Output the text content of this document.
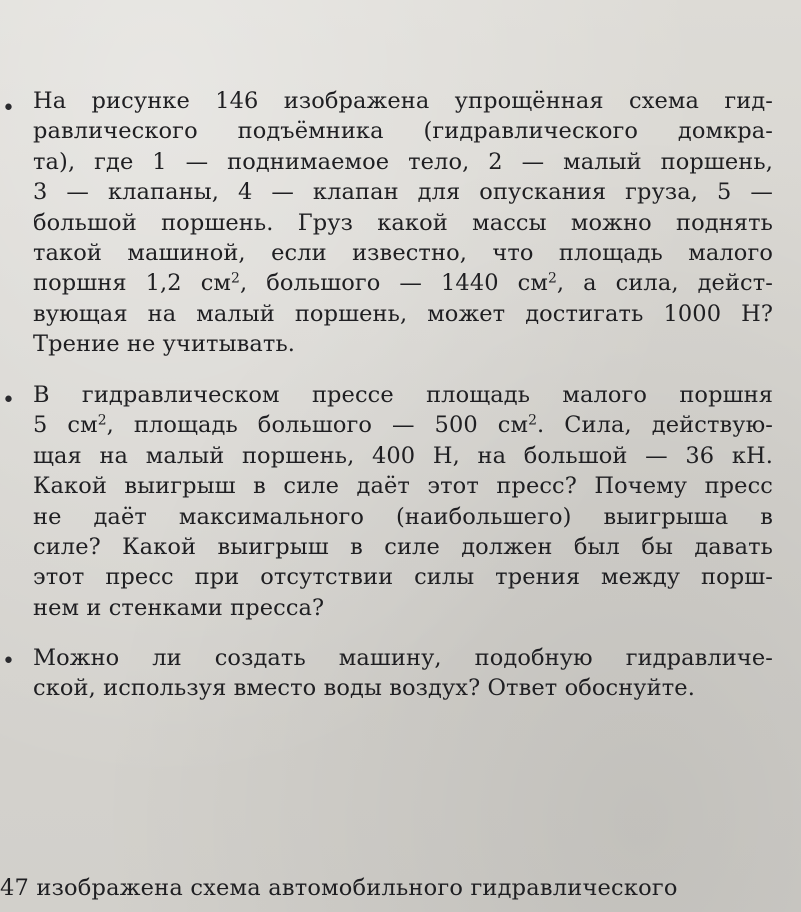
• На рисунке 146 изображена упрощённая схема гид-
равлического подъёмника (гидравлического домкра-
та), где 1 — поднимаемое тело, 2 — малый поршень,
3 — клапаны, 4 — клапан для опускания груза, 5 —
большой поршень. Груз какой массы можно поднять
такой машиной, если известно, что площадь малого
поршня 1,2 $см^2$, большого — 1440 $см^2$, а сила, дейст-
вующая на малый поршень, может достигать 1000 Н?
Трение не учитывать.
• В гидравлическом прессе площадь малого поршня
5 $см^2$, площадь большого — 500 $см^2$. Сила, действую-
щая на малый поршень, 400 Н, на большой — 36 кН.
Какой выигрыш в силе даёт этот пресс? Почему пресс
не даёт максимального (наибольшего) выигрыша в
силе? Какой выигрыш в силе должен был бы давать
этот пресс при отсутствии силы трения между порш-
нем и стенками пресса?
• Можно ли создать машину, подобную гидравличе-
ской, используя вместо воды воздух? Ответ обоснуйте.
47 изображена схема автомобильного гидравлического
